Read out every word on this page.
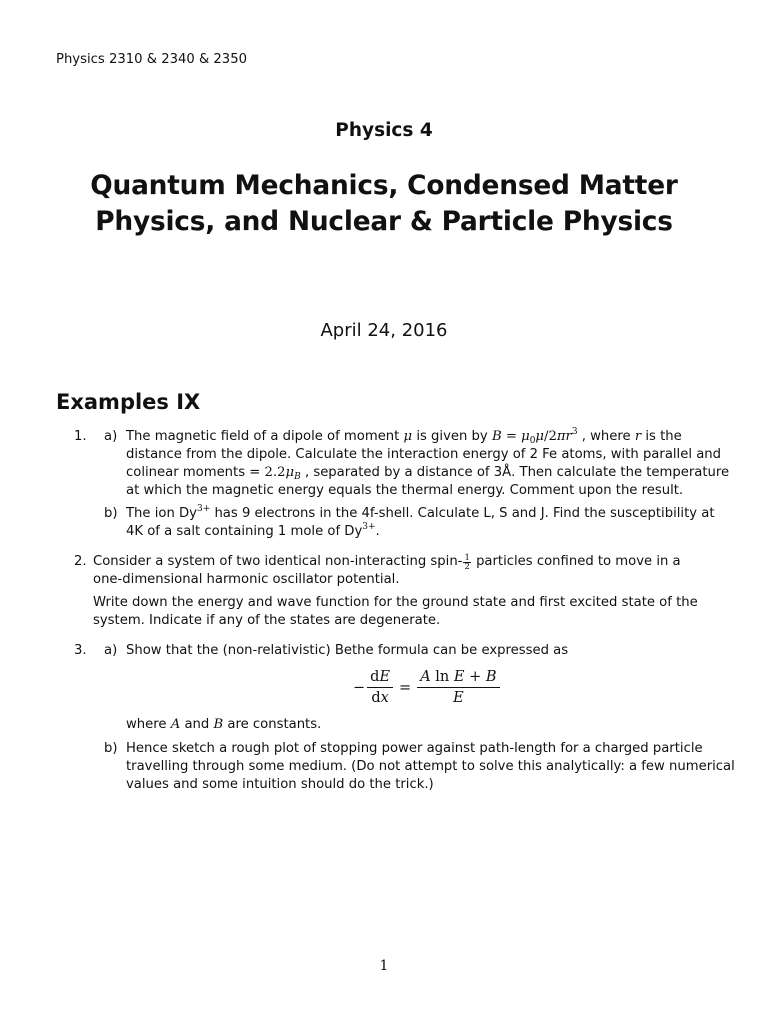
Physics 2310 & 2340 & 2350
Physics 4
Quantum Mechanics, Condensed Matter
Physics, and Nuclear & Particle Physics
April 24, 2016
Examples IX
1. a) The magnetic field of a dipole of moment μ is given by $B = \mu_0\mu/2\pi r^3$ , where r is the
distance from the dipole. Calculate the interaction energy of 2 Fe atoms, with parallel and
colinear moments = $2.2\mu_B$ , separated by a distance of 3Å. Then calculate the temperature
at which the magnetic energy equals the thermal energy. Comment upon the result.
b) The ion $Dy^{3+}$ has 9 electrons in the 4f-shell. Calculate L, S and J. Find the susceptibility at
4K of a salt containing 1 mole of $Dy^{3+}$.
2. Consider a system of two identical non-interacting spin- $\frac{1}{2}$ particles confined to move in a
one-dimensional harmonic oscillator potential.
Write down the energy and wave function for the ground state and first excited state of the
system. Indicate if any of the states are degenerate.
3. a) Show that the (non-relativistic) Bethe formula can be expressed as
− $\frac{dE}{dx} = \frac{\text{A ln E + B}}{E}$
where A and B are constants.
b) Hence sketch a rough plot of stopping power against path-length for a charged particle
travelling through some medium. (Do not attempt to solve this analytically: a few numerical
values and some intuition should do the trick.)
1
